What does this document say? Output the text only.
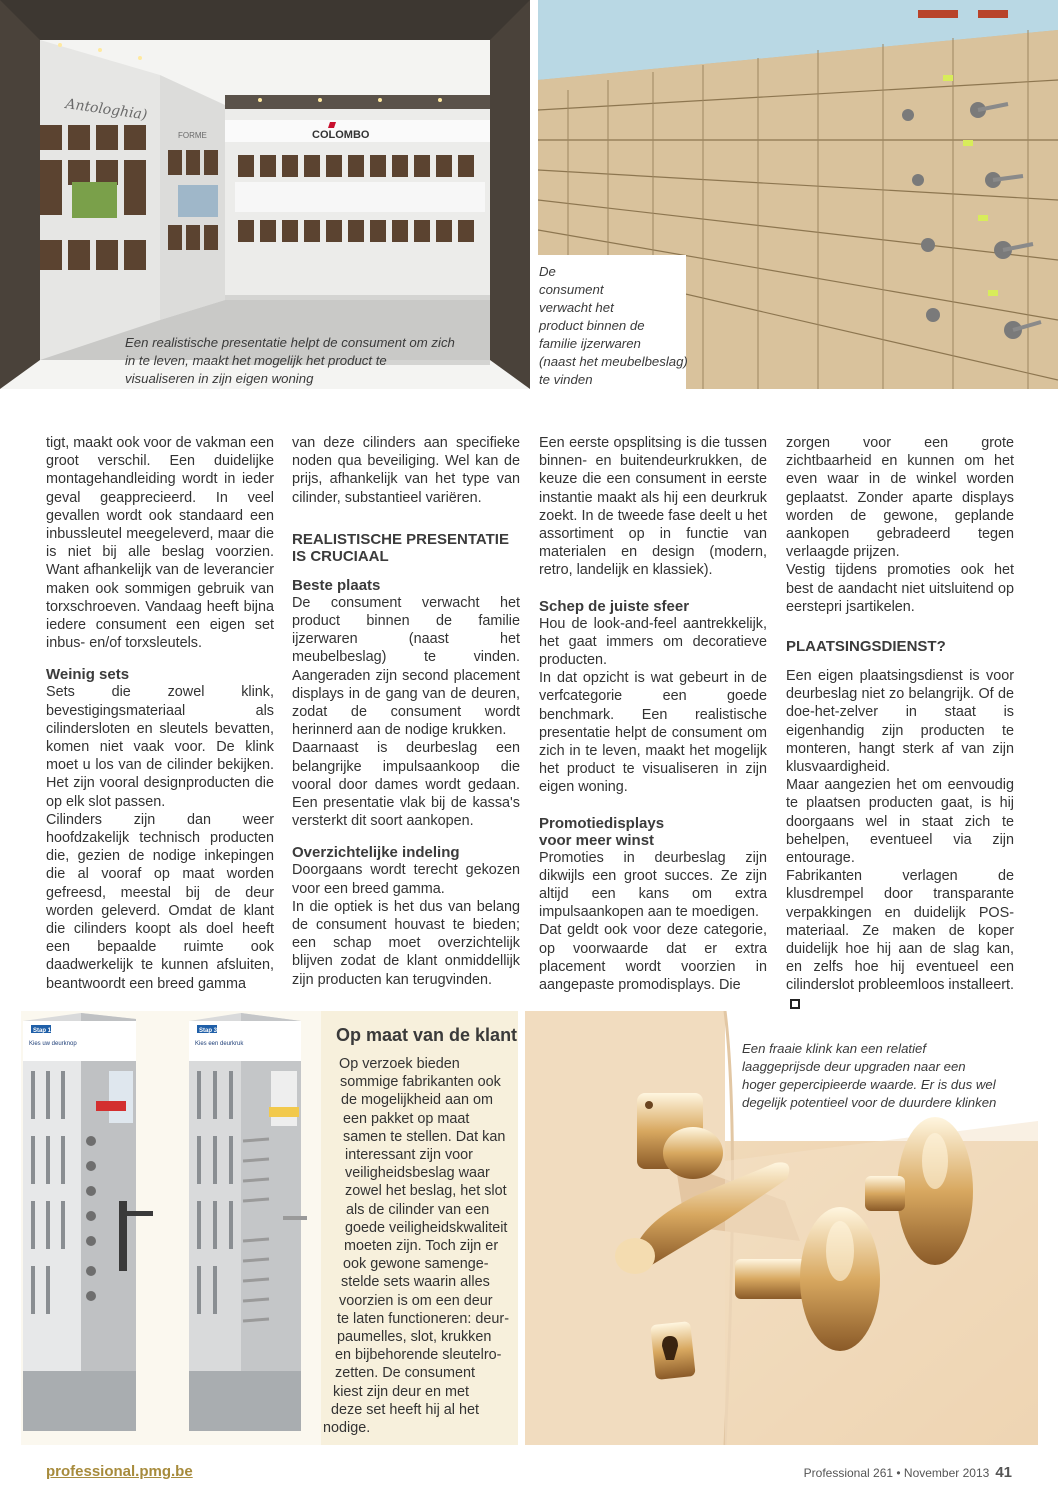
Antologhia)
FORME	COLOMBO
Een realistische presentatie helpt de consument om zich
in te leven, maakt het mogelijk het product te
visualiseren in zijn eigen woning
De
consument
verwacht het
product binnen de
familie ijzerwaren
(naast het meubelbeslag)
te vinden

tigt, maakt ook voor de vakman een groot verschil. Een duidelijke montagehandleiding wordt in ieder geval geapprecieerd. In veel gevallen wordt ook standaard een inbussleutel meegeleverd, maar die is niet bij alle beslag voorzien. Want afhankelijk van de leverancier maken ook sommigen gebruik van torxschroeven. Vandaag heeft bijna iedere consument een eigen set inbus- en/of torxsleutels.

Weinig sets

Sets die zowel klink, bevestigingsmateriaal als cilindersloten en sleutels bevatten, komen niet vaak voor. De klink moet u los van de cilinder bekijken. Het zijn vooral designproducten die op elk slot passen.

Cilinders zijn dan weer hoofdzakelijk technisch producten die, gezien de nodige inkepingen die al vooraf op maat worden gefreesd, meestal bij de deur worden geleverd. Omdat de klant die cilinders koopt als doel heeft een bepaalde ruimte ook daadwerkelijk te kunnen afsluiten, beantwoordt een breed gamma

van deze cilinders aan specifieke noden qua beveiliging. Wel kan de prijs, afhankelijk van het type van cilinder, substantieel variëren.

REALISTISCHE PRESENTATIE IS CRUCIAAL
Beste plaats

De consument verwacht het product binnen de familie ijzerwaren (naast het meubelbeslag) te vinden. Aangeraden zijn second placement displays in de gang van de deuren, zodat de consument wordt herinnerd aan de nodige krukken.

Daarnaast is deurbeslag een belangrijke impulsaankoop die vooral door dames wordt gedaan. Een presentatie vlak bij de kassa's versterkt dit soort aankopen.

Overzichtelijke indeling

Doorgaans wordt terecht gekozen voor een breed gamma.

In die optiek is het dus van belang de consument houvast te bieden; een schap moet overzichtelijk blijven zodat de klant onmiddellijk zijn producten kan terugvinden.

Een eerste opsplitsing is die tussen binnen- en buitendeurkrukken, de keuze die een consument in eerste instantie maakt als hij een deurkruk zoekt. In de tweede fase deelt u het assortiment op in functie van materialen en design (modern, retro, landelijk en klassiek).

Schep de juiste sfeer

Hou de look-and-feel aantrekkelijk, het gaat immers om decoratieve producten.

In dat opzicht is wat gebeurt in de verfcategorie een goede benchmark. Een realistische presentatie helpt de consument om zich in te leven, maakt het mogelijk het product te visualiseren in zijn eigen woning.

Promotiedisplays voor meer winst

Promoties in deurbeslag zijn dikwijls een groot succes. Ze zijn altijd een kans om extra impulsaankopen aan te moedigen.

Dat geldt ook voor deze categorie, op voorwaarde dat er extra placement wordt voorzien in aangepaste promodisplays. Die

zorgen voor een grote zichtbaarheid en kunnen om het even waar in de winkel worden geplaatst. Zonder aparte displays worden de gewone, geplande aankopen gebradeerd tegen verlaagde prijzen.

Vestig tijdens promoties ook het best de aandacht niet uitsluitend op eerstepri jsartikelen.

PLAATSINGSDIENST?

Een eigen plaatsingsdienst is voor deurbeslag niet zo belangrijk. Of de doe-het-zelver in staat is eigenhandig zijn producten te monteren, hangt sterk af van zijn klusvaardigheid.

Maar aangezien het om eenvoudig te plaatsen producten gaat, is hij doorgaans wel in staat zich te behelpen, eventueel via zijn entourage.

Fabrikanten verlagen de klusdrempel door transparante verpakkingen en duidelijk POS-materiaal. Ze maken de koper duidelijk hoe hij aan de slag kan, en zelfs hoe hij eventueel een cilinderslot probleemloos installeert.

Stap 1
Kies uw deurknop
Stap 3
Kies een deurkruk	Op maat van de klant
Op verzoek bieden
sommige fabrikanten ook
de mogelijkheid aan om
een pakket op maat
samen te stellen. Dat kan
interessant zijn voor
veiligheidsbeslag waar
zowel het beslag, het slot
als de cilinder van een
goede veiligheidskwaliteit
moeten zijn. Toch zijn er
ook gewone samenge-
stelde sets waarin alles
voorzien is om een deur
te laten functioneren: deur-
paumelles, slot, krukken
en bijbehorende sleutelro-
zetten. De consument
kiest zijn deur en met
deze set heeft hij al het
nodige.
Een fraaie klink kan een relatief
laaggeprijsde deur upgraden naar een
hoger gepercipieerde waarde. Er is dus wel
degelijk potentieel voor de duurdere klinken
professional.pmg.be	Professional 261 • November 2013 41
